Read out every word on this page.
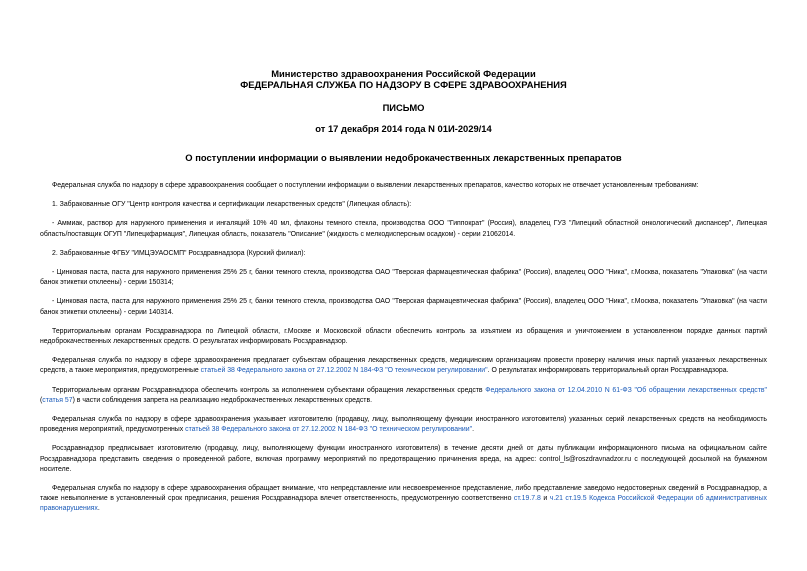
Министерство здравоохранения Российской Федерации
ФЕДЕРАЛЬНАЯ СЛУЖБА ПО НАДЗОРУ В СФЕРЕ ЗДРАВООХРАНЕНИЯ
ПИСЬМО
от 17 декабря 2014 года N 01И-2029/14
О поступлении информации о выявлении недоброкачественных лекарственных препаратов

Федеральная служба по надзору в сфере здравоохранения сообщает о поступлении информации о выявлении лекарственных препаратов, качество которых не отвечает установленным требованиям:

1. Забракованные ОГУ "Центр контроля качества и сертификации лекарственных средств" (Липецкая область):

- Аммиак, раствор для наружного применения и ингаляций 10% 40 мл, флаконы темного стекла, производства ООО "Гиппократ" (Россия), владелец ГУЗ "Липецкий областной онкологический диспансер", Липецкая область/поставщик ОГУП "Липецкфармация", Липецкая область, показатель "Описание" (жидкость с мелкодисперсным осадком) - серии 21062014.

2. Забракованные ФГБУ "ИМЦЭУАОСМП" Росздравнадзора (Курский филиал):

- Цинковая паста, паста для наружного применения 25% 25 г, банки темного стекла, производства ОАО "Тверская фармацевтическая фабрика" (Россия), владелец ООО "Ника", г.Москва, показатель "Упаковка" (на части банок этикетки отклеены) - серии 150314;

- Цинковая паста, паста для наружного применения 25% 25 г, банки темного стекла, производства ОАО "Тверская фармацевтическая фабрика" (Россия), владелец ООО "Ника", г.Москва, показатель "Упаковка" (на части банок этикетки отклеены) - серии 140314.

Территориальным органам Росздравнадзора по Липецкой области, г.Москве и Московской области обеспечить контроль за изъятием из обращения и уничтожением в установленном порядке данных партий недоброкачественных лекарственных средств. О результатах информировать Росздравнадзор.

Федеральная служба по надзору в сфере здравоохранения предлагает субъектам обращения лекарственных средств, медицинским организациям провести проверку наличия иных партий указанных лекарственных средств, а также мероприятия, предусмотренные статьей 38 Федерального закона от 27.12.2002 N 184-ФЗ "О техническом регулировании". О результатах информировать территориальный орган Росздравнадзора.

Территориальным органам Росздравнадзора обеспечить контроль за исполнением субъектами обращения лекарственных средств Федерального закона от 12.04.2010 N 61-ФЗ "Об обращении лекарственных средств" (статья 57) в части соблюдения запрета на реализацию недоброкачественных лекарственных средств.

Федеральная служба по надзору в сфере здравоохранения указывает изготовителю (продавцу, лицу, выполняющему функции иностранного изготовителя) указанных серий лекарственных средств на необходимость проведения мероприятий, предусмотренных статьей 38 Федерального закона от 27.12.2002 N 184-ФЗ "О техническом регулировании".

Росздравнадзор предписывает изготовителю (продавцу, лицу, выполняющему функции иностранного изготовителя) в течение десяти дней от даты публикации информационного письма на официальном сайте Росздравнадзора представить сведения о проведенной работе, включая программу мероприятий по предотвращению причинения вреда, на адрес: control_ls@roszdravnadzor.ru с последующей досылкой на бумажном носителе.

Федеральная служба по надзору в сфере здравоохранения обращает внимание, что непредставление или несвоевременное представление, либо представление заведомо недостоверных сведений в Росздравнадзор, а также невыполнение в установленный срок предписания, решения Росздравнадзора влечет ответственность, предусмотренную соответственно ст.19.7.8 и ч.21 ст.19.5 Кодекса Российской Федерации об административных правонарушениях.
